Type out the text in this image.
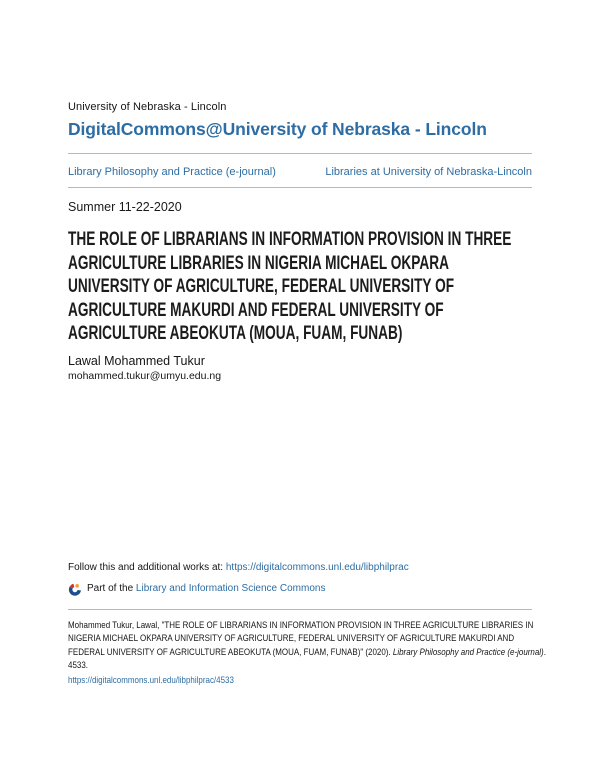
University of Nebraska - Lincoln
DigitalCommons@University of Nebraska - Lincoln
Library Philosophy and Practice (e-journal)	Libraries at University of Nebraska-Lincoln
Summer 11-22-2020
THE ROLE OF LIBRARIANS IN INFORMATION PROVISION IN THREE AGRICULTURE LIBRARIES IN NIGERIA MICHAEL OKPARA UNIVERSITY OF AGRICULTURE, FEDERAL UNIVERSITY OF AGRICULTURE MAKURDI AND FEDERAL UNIVERSITY OF AGRICULTURE ABEOKUTA (MOUA, FUAM, FUNAB)
Lawal Mohammed Tukur
mohammed.tukur@umyu.edu.ng
Follow this and additional works at: https://digitalcommons.unl.edu/libphilprac
Part of the Library and Information Science Commons

Mohammed Tukur, Lawal, "THE ROLE OF LIBRARIANS IN INFORMATION PROVISION IN THREE AGRICULTURE LIBRARIES IN NIGERIA MICHAEL OKPARA UNIVERSITY OF AGRICULTURE, FEDERAL UNIVERSITY OF AGRICULTURE MAKURDI AND FEDERAL UNIVERSITY OF AGRICULTURE ABEOKUTA (MOUA, FUAM, FUNAB)" (2020). Library Philosophy and Practice (e-journal). 4533.
https://digitalcommons.unl.edu/libphilprac/4533
